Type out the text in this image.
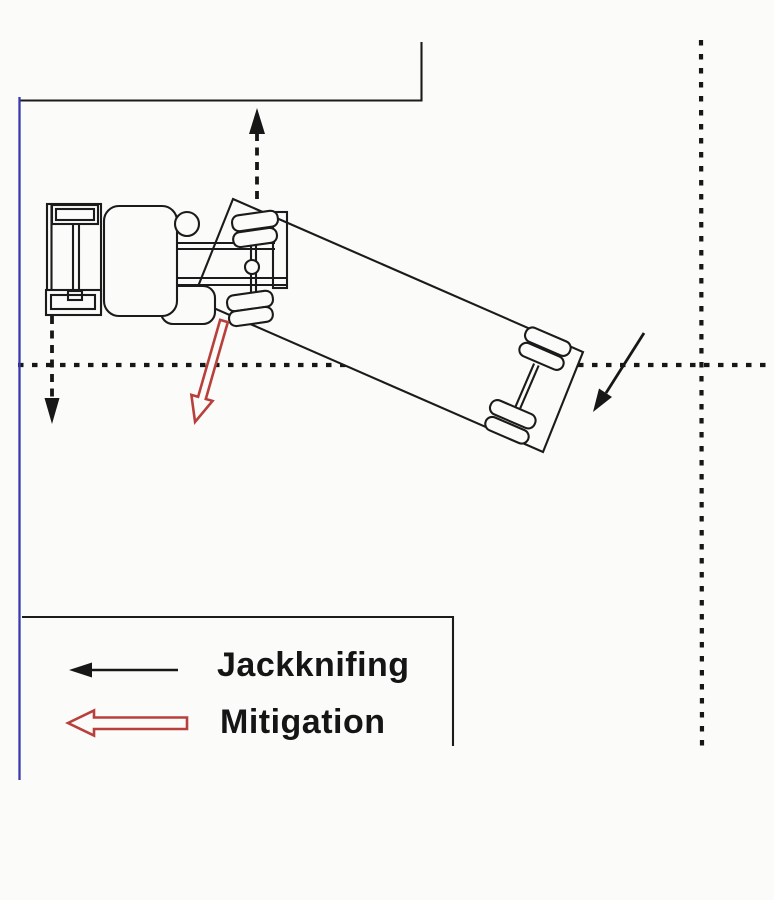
Jackknifing
Mitigation
